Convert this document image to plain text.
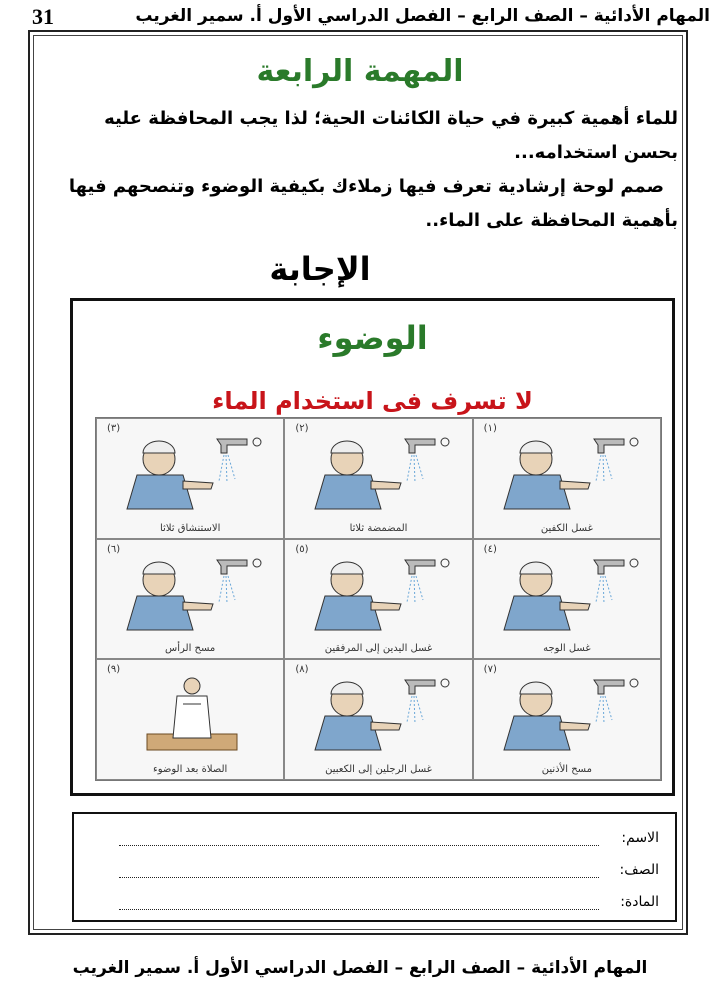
المهام الأدائية – الصف الرابع – الفصل الدراسي الأول أ. سمير الغريب
31
المهمة الرابعة
للماء أهمية كبيرة في حياة الكائنات الحية؛ لذا يجب المحافظة عليه
بحسن استخدامه...
صمم لوحة إرشادية تعرف فيها زملاءك بكيفية الوضوء وتنصحهم فيها
بأهمية المحافظة على الماء..
الإجابة
الوضوء
لا تسرف فى استخدام الماء
(١)
غسل الكفين
(٢)
المضمضة ثلاثا
(٣)
الاستنشاق ثلاثا
(٤)
غسل الوجه
(٥)
غسل اليدين إلى المرفقين
(٦)
مسح الرأس
(٧)
مسح الأذنين
(٨)
غسل الرجلين إلى الكعبين
(٩)
الصلاة بعد الوضوء
الاسم:
الصف:
المادة:
المهام الأدائية – الصف الرابع – الفصل الدراسي الأول أ. سمير الغريب
